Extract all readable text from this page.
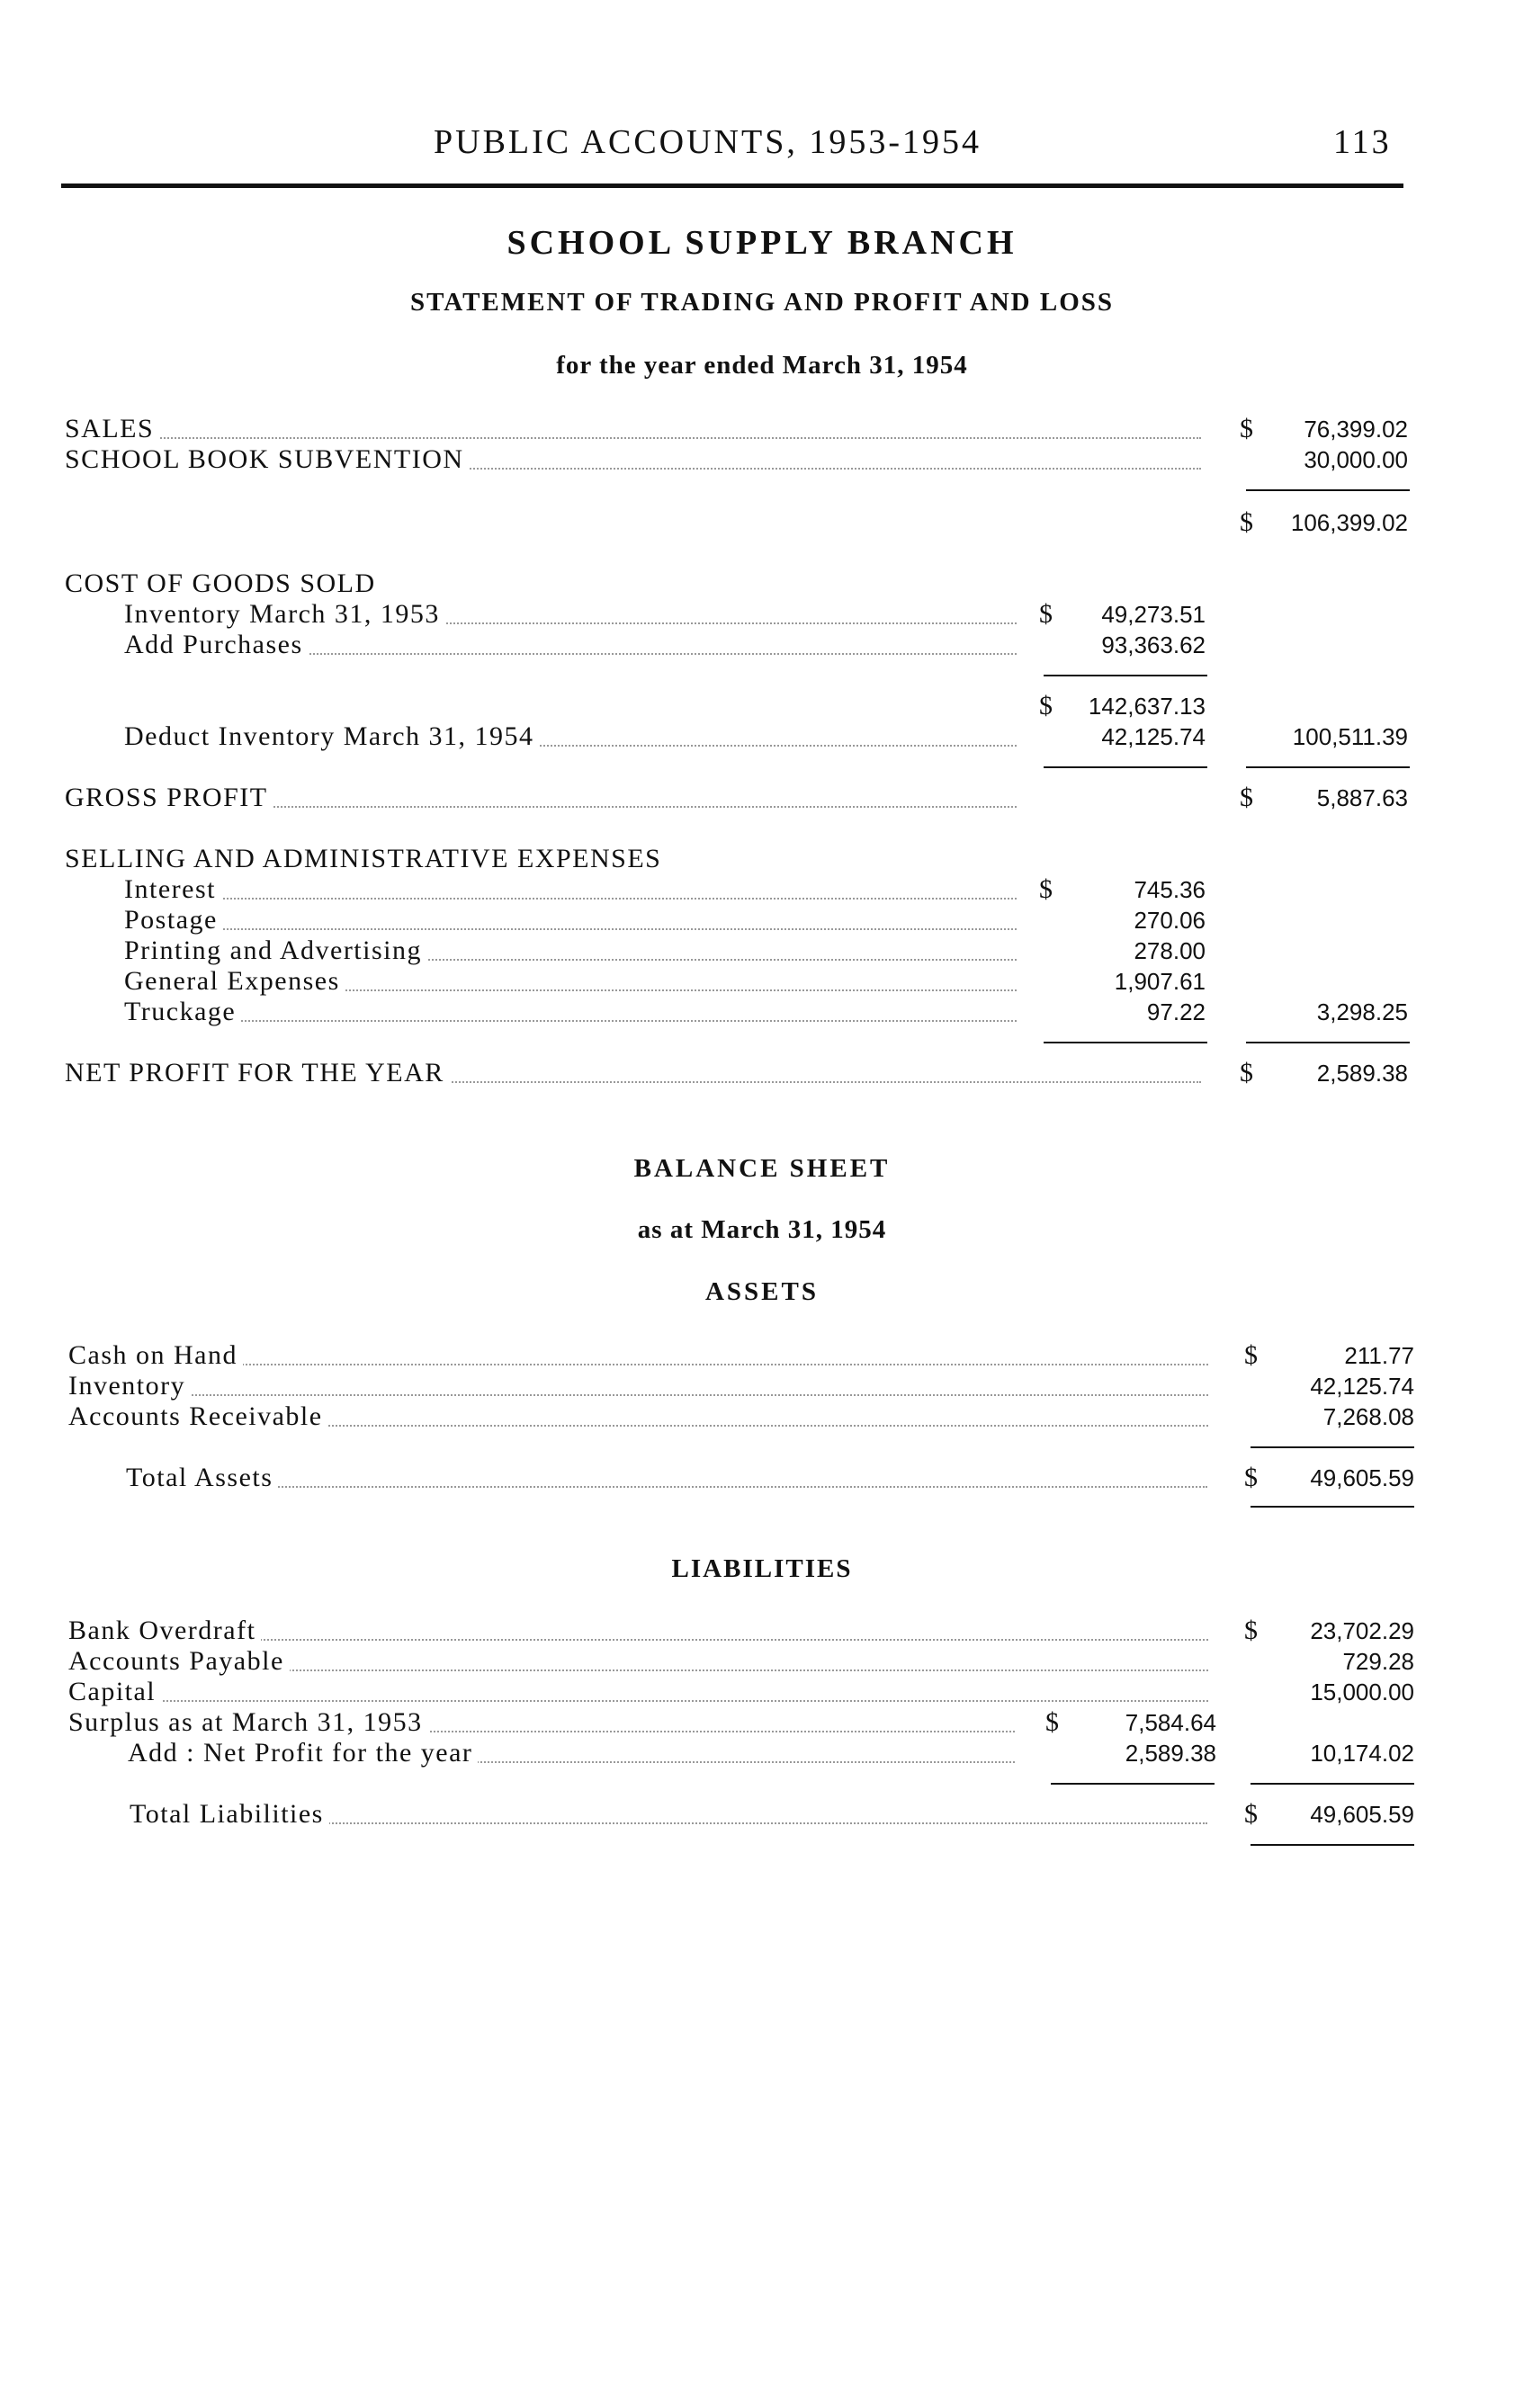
PUBLIC ACCOUNTS, 1953-1954	113
SCHOOL SUPPLY BRANCH
STATEMENT OF TRADING AND PROFIT AND LOSS
for the year ended March 31, 1954
SALES	$	76,399.02
SCHOOL BOOK SUBVENTION	30,000.00
$	106,399.02
COST OF GOODS SOLD
Inventory March 31, 1953	$	49,273.51
Add Purchases	93,363.62
$	142,637.13
Deduct Inventory March 31, 1954	42,125.74	100,511.39
GROSS PROFIT	$	5,887.63
SELLING AND ADMINISTRATIVE EXPENSES
Interest	$	745.36
Postage	270.06
Printing and Advertising	278.00
General Expenses	1,907.61
Truckage	97.22	3,298.25
NET PROFIT FOR THE YEAR	$	2,589.38
BALANCE SHEET
as at March 31, 1954
ASSETS
Cash on Hand	$	211.77
Inventory	42,125.74
Accounts Receivable	7,268.08
Total Assets	$	49,605.59
LIABILITIES
Bank Overdraft	$	23,702.29
Accounts Payable	729.28
Capital	15,000.00
Surplus as at March 31, 1953	$	7,584.64
Add : Net Profit for the year	2,589.38	10,174.02
Total Liabilities	$	49,605.59
